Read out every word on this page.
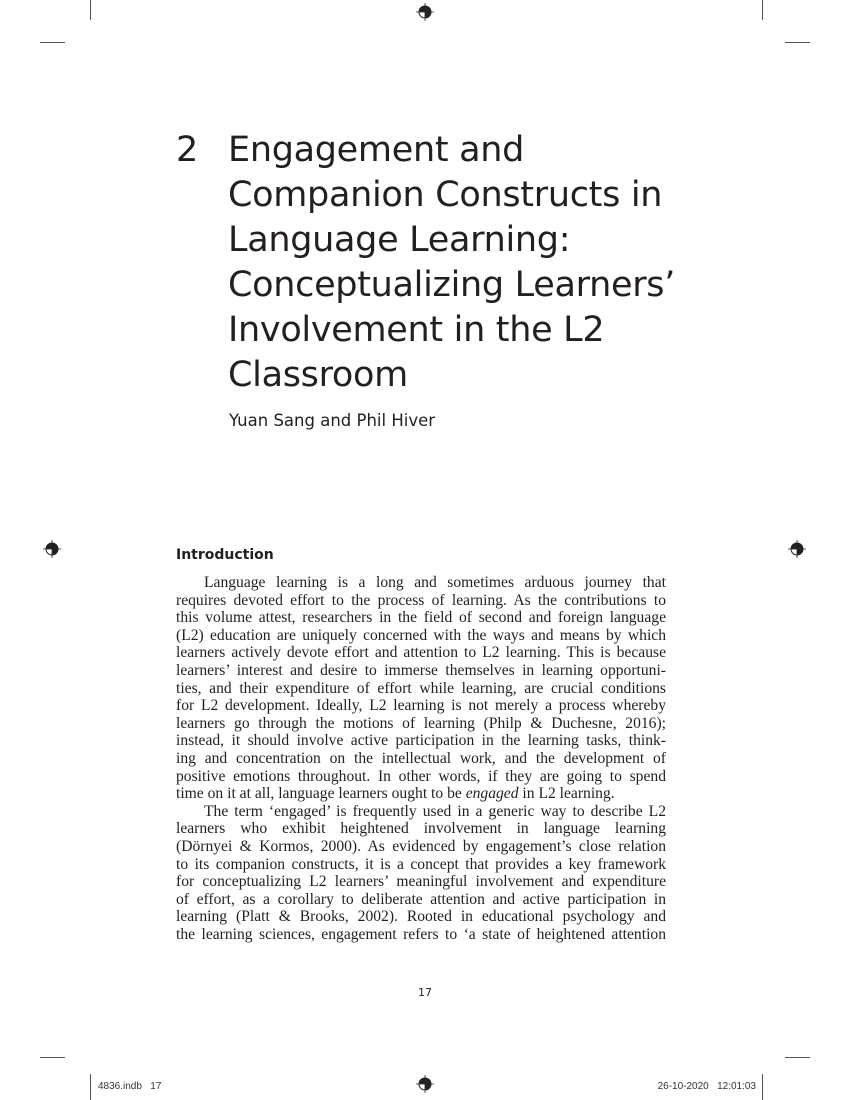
2 Engagement and
Companion Constructs in
Language Learning:
Conceptualizing Learners’
Involvement in the L2
Classroom
Yuan Sang and Phil Hiver
Introduction
Language learning is a long and sometimes arduous journey that
requires devoted effort to the process of learning. As the contributions to
this volume attest, researchers in the field of second and foreign language
(L2) education are uniquely concerned with the ways and means by which
learners actively devote effort and attention to L2 learning. This is because
learners’ interest and desire to immerse themselves in learning opportuni-
ties, and their expenditure of effort while learning, are crucial conditions
for L2 development. Ideally, L2 learning is not merely a process whereby
learners go through the motions of learning (Philp & Duchesne, 2016);
instead, it should involve active participation in the learning tasks, think-
ing and concentration on the intellectual work, and the development of
positive emotions throughout. In other words, if they are going to spend
time on it at all, language learners ought to be engaged in L2 learning.
The term ‘engaged’ is frequently used in a generic way to describe L2
learners who exhibit heightened involvement in language learning
(Dörnyei & Kormos, 2000). As evidenced by engagement’s close relation
to its companion constructs, it is a concept that provides a key framework
for conceptualizing L2 learners’ meaningful involvement and expenditure
of effort, as a corollary to deliberate attention and active participation in
learning (Platt & Brooks, 2002). Rooted in educational psychology and
the learning sciences, engagement refers to ‘a state of heightened attention
17
4836.indb   17	26-10-2020   12:01:03
